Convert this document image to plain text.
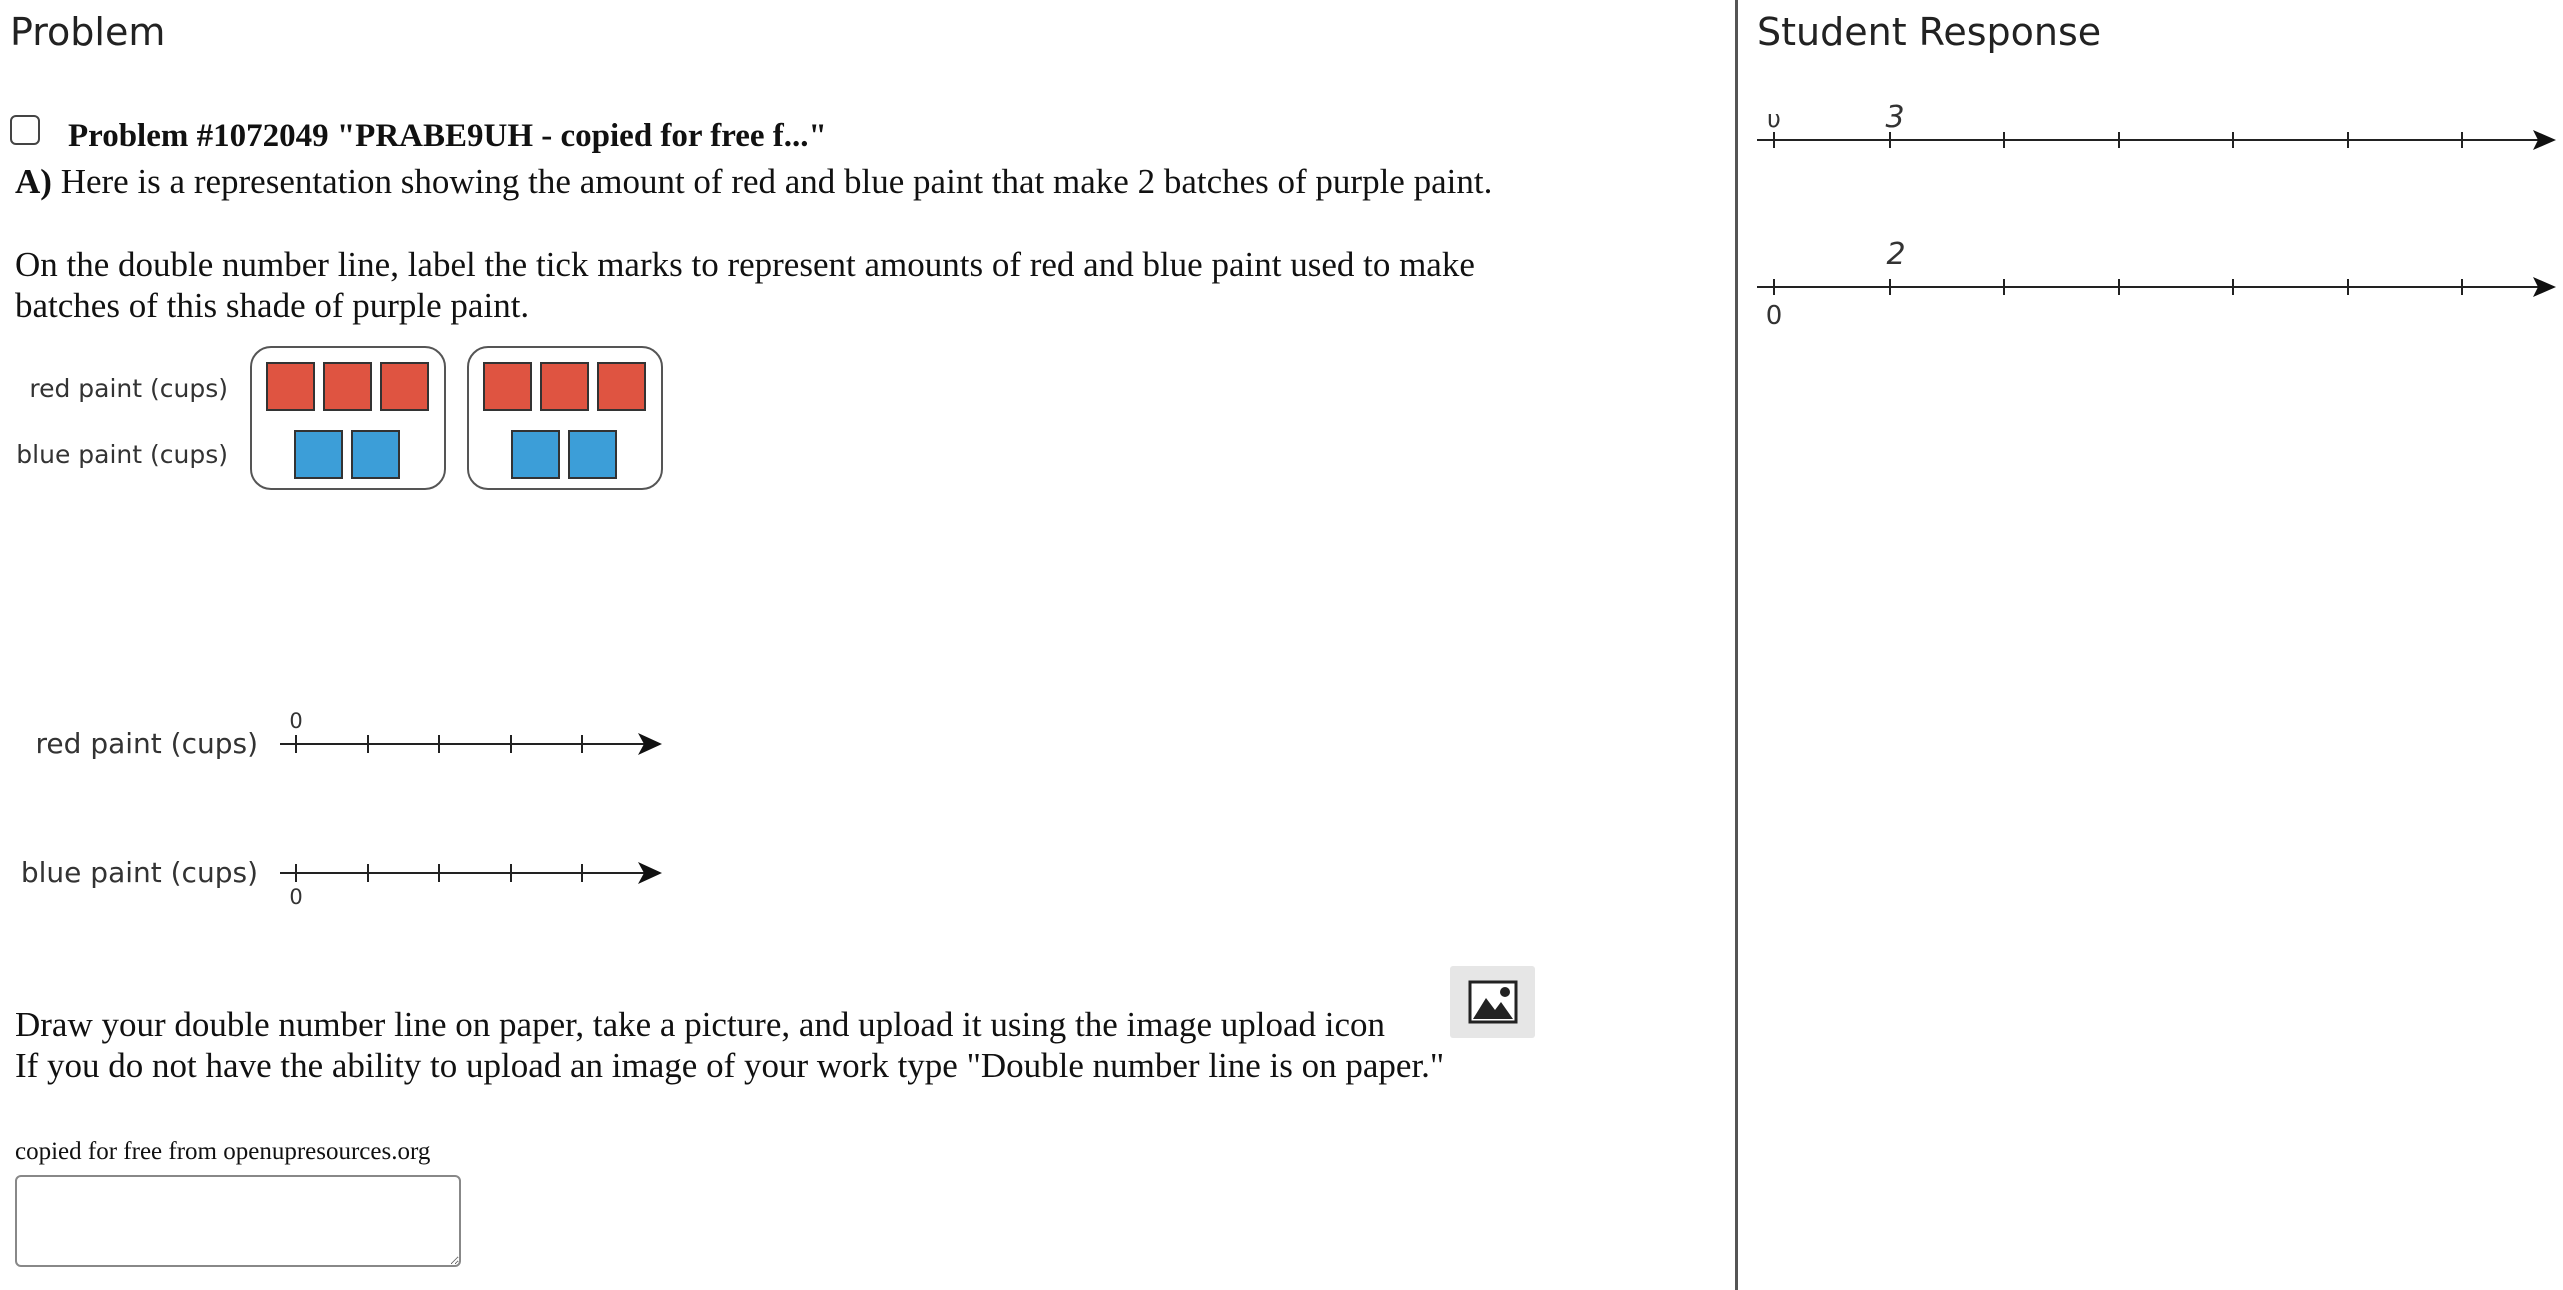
Problem
Problem #1072049 "PRABE9UH - copied for free f..."
A) Here is a representation showing the amount of red and blue paint that make 2 batches of purple paint.
On the double number line, label the tick marks to represent amounts of red and blue paint used to make
batches of this shade of purple paint.
red paint (cups)
blue paint (cups)
red paint (cups)
0
blue paint (cups)
0
Draw your double number line on paper, take a picture, and upload it using the image upload icon
If you do not have the ability to upload an image of your work type "Double number line is on paper."
copied for free from openupresources.org
Student Response
υ	3
2
0
